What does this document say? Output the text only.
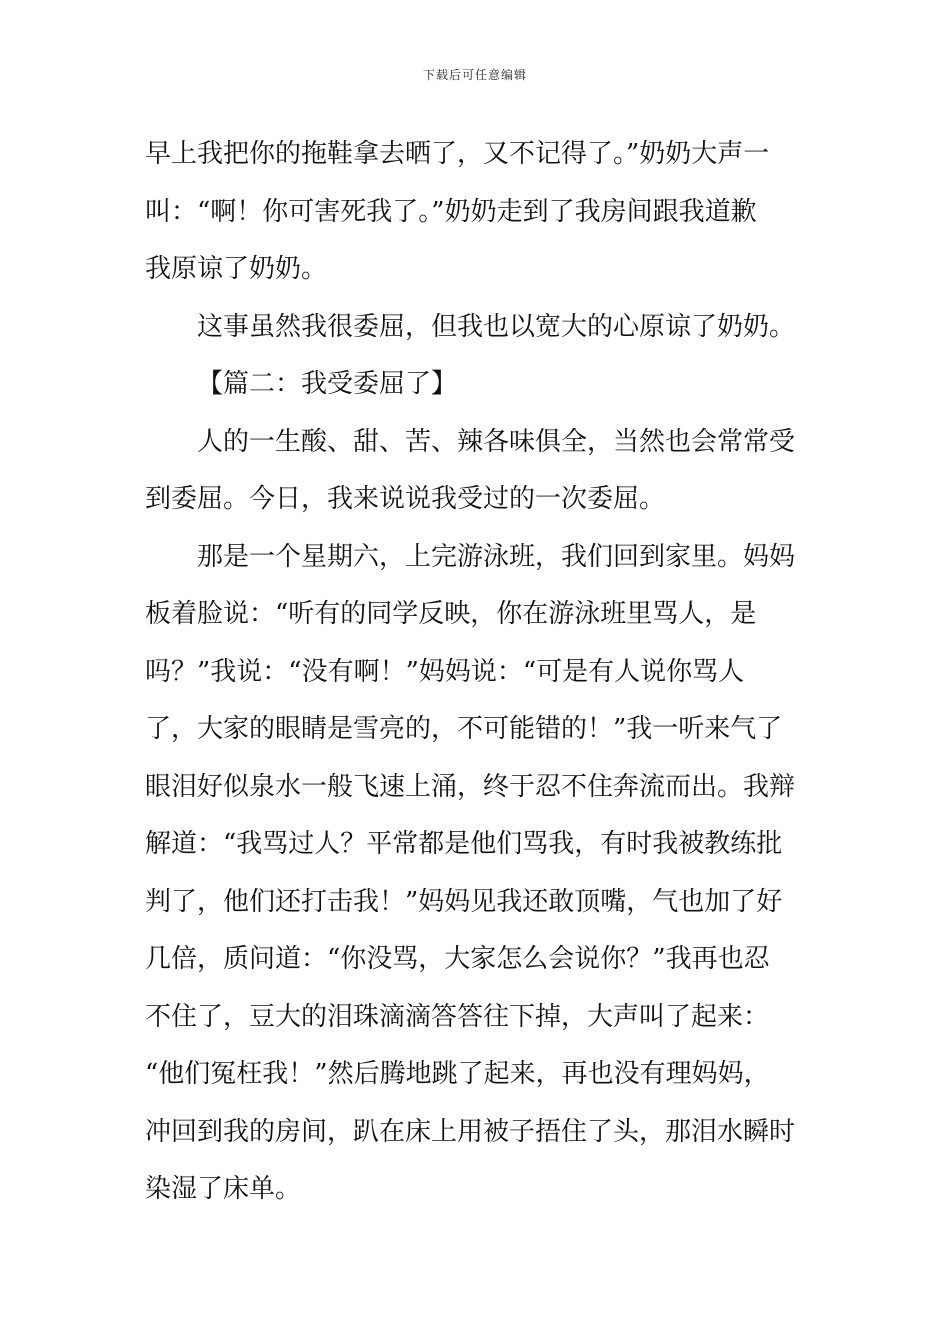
下载后可任意编辑
早上我把你的拖鞋拿去晒了，又不记得了。”奶奶大声一
叫：“啊！你可害死我了。”奶奶走到了我房间跟我道歉
我原谅了奶奶。
这事虽然我很委屈，但我也以宽大的心原谅了奶奶。
【篇二：我受委屈了】
人的一生酸、甜、苦、辣各味俱全，当然也会常常受
到委屈。今日，我来说说我受过的一次委屈。
那是一个星期六，上完游泳班，我们回到家里。妈妈
板着脸说：“听有的同学反映，你在游泳班里骂人，是
吗？”我说：“没有啊！”妈妈说：“可是有人说你骂人
了，大家的眼睛是雪亮的，不可能错的！”我一听来气了
眼泪好似泉水一般飞速上涌，终于忍不住奔流而出。我辩
解道：“我骂过人？平常都是他们骂我，有时我被教练批
判了，他们还打击我！”妈妈见我还敢顶嘴，气也加了好
几倍，质问道：“你没骂，大家怎么会说你？”我再也忍
不住了，豆大的泪珠滴滴答答往下掉，大声叫了起来：
“他们冤枉我！”然后腾地跳了起来，再也没有理妈妈，
冲回到我的房间，趴在床上用被子捂住了头，那泪水瞬时
染湿了床单。
